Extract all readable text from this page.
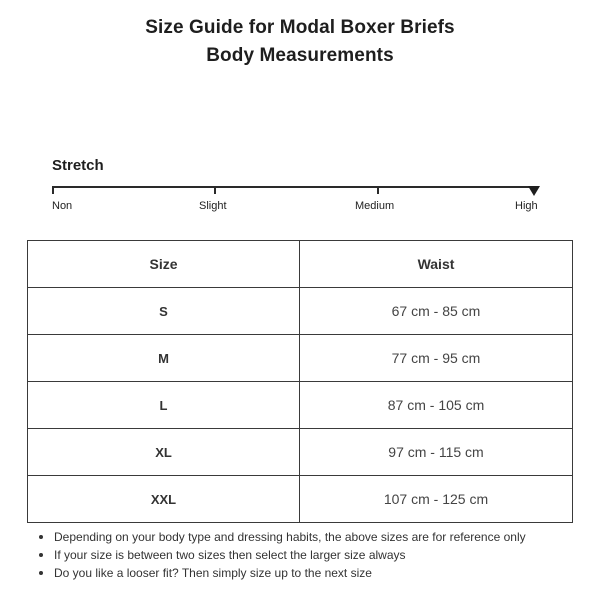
Size Guide for Modal Boxer Briefs
Body Measurements
Stretch
Non	Slight	Medium	High
Size	Waist
S	67 cm - 85 cm
M	77 cm - 95 cm
L	87 cm - 105 cm
XL	97 cm - 115 cm
XXL	107 cm - 125 cm
Depending on your body type and dressing habits, the above sizes are for reference only
If your size is between two sizes then select the larger size always
Do you like a looser fit? Then simply size up to the next size
